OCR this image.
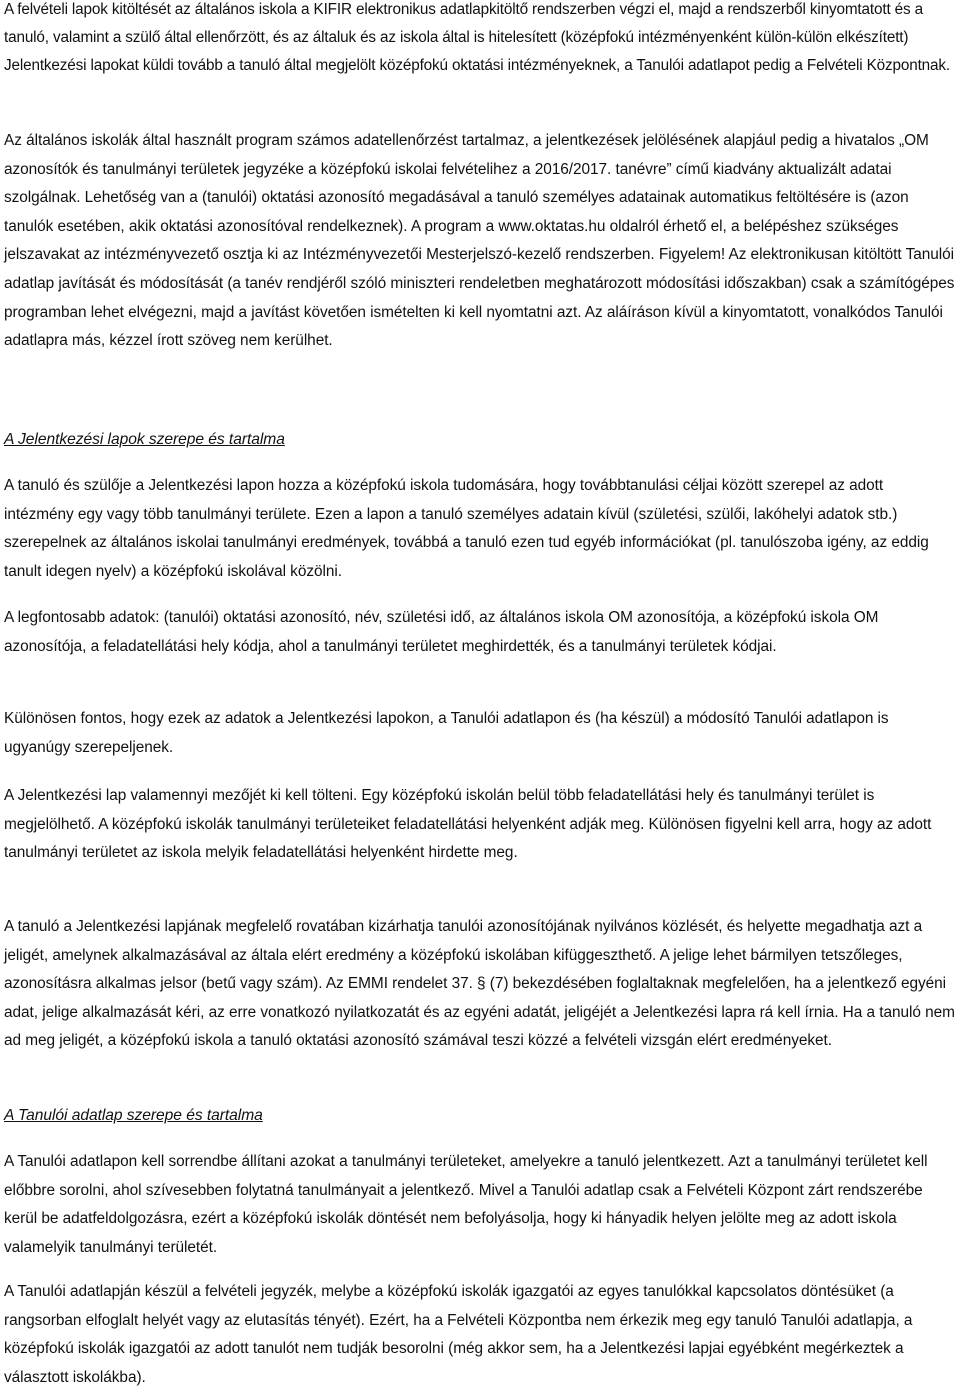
A felvételi lapok kitöltését az általános iskola a KIFIR elektronikus adatlapkitöltő rendszerben végzi el, majd a rendszerből kinyomtatott és a tanuló, valamint a szülő által ellenőrzött, és az általuk és az iskola által is hitelesített (középfokú intézményenként külön-külön elkészített) Jelentkezési lapokat küldi tovább a tanuló által megjelölt középfokú oktatási intézményeknek, a Tanulói adatlapot pedig a Felvételi Központnak.

Az általános iskolák által használt program számos adatellenőrzést tartalmaz, a jelentkezések jelölésének alapjául pedig a hivatalos „OM azonosítók és tanulmányi területek jegyzéke a középfokú iskolai felvételihez a 2016/2017. tanévre” című kiadvány aktualizált adatai szolgálnak. Lehetőség van a (tanulói) oktatási azonosító megadásával a tanuló személyes adatainak automatikus feltöltésére is (azon tanulók esetében, akik oktatási azonosítóval rendelkeznek). A program a www.oktatas.hu oldalról érhető el, a belépéshez szükséges jelszavakat az intézményvezető osztja ki az Intézményvezetői Mesterjelszó-kezelő rendszerben. Figyelem! Az elektronikusan kitöltött Tanulói adatlap javítását és módosítását (a tanév rendjéről szóló miniszteri rendeletben meghatározott módosítási időszakban) csak a számítógépes programban lehet elvégezni, majd a javítást követően ismételten ki kell nyomtatni azt. Az aláíráson kívül a kinyomtatott, vonalkódos Tanulói adatlapra más, kézzel írott szöveg nem kerülhet.

A Jelentkezési lapok szerepe és tartalma

A tanuló és szülője a Jelentkezési lapon hozza a középfokú iskola tudomására, hogy továbbtanulási céljai között szerepel az adott intézmény egy vagy több tanulmányi területe. Ezen a lapon a tanuló személyes adatain kívül (születési, szülői, lakóhelyi adatok stb.) szerepelnek az általános iskolai tanulmányi eredmények, továbbá a tanuló ezen tud egyéb információkat (pl. tanulószoba igény, az eddig tanult idegen nyelv) a középfokú iskolával közölni.

A legfontosabb adatok: (tanulói) oktatási azonosító, név, születési idő, az általános iskola OM azonosítója, a középfokú iskola OM azonosítója, a feladatellátási hely kódja, ahol a tanulmányi területet meghirdették, és a tanulmányi területek kódjai.

Különösen fontos, hogy ezek az adatok a Jelentkezési lapokon, a Tanulói adatlapon és (ha készül) a módosító Tanulói adatlapon is ugyanúgy szerepeljenek.

A Jelentkezési lap valamennyi mezőjét ki kell tölteni. Egy középfokú iskolán belül több feladatellátási hely és tanulmányi terület is megjelölhető. A középfokú iskolák tanulmányi területeiket feladatellátási helyenként adják meg. Különösen figyelni kell arra, hogy az adott tanulmányi területet az iskola melyik feladatellátási helyenként hirdette meg.

A tanuló a Jelentkezési lapjának megfelelő rovatában kizárhatja tanulói azonosítójának nyilvános közlését, és helyette megadhatja azt a jeligét, amelynek alkalmazásával az általa elért eredmény a középfokú iskolában kifüggeszthető. A jelige lehet bármilyen tetszőleges, azonosításra alkalmas jelsor (betű vagy szám). Az EMMI rendelet 37. § (7) bekezdésében foglaltaknak megfelelően, ha a jelentkező egyéni adat, jelige alkalmazását kéri, az erre vonatkozó nyilatkozatát és az egyéni adatát, jeligéjét a Jelentkezési lapra rá kell írnia. Ha a tanuló nem ad meg jeligét, a középfokú iskola a tanuló oktatási azonosító számával teszi közzé a felvételi vizsgán elért eredményeket.

A Tanulói adatlap szerepe és tartalma

A Tanulói adatlapon kell sorrendbe állítani azokat a tanulmányi területeket, amelyekre a tanuló jelentkezett. Azt a tanulmányi területet kell előbbre sorolni, ahol szívesebben folytatná tanulmányait a jelentkező. Mivel a Tanulói adatlap csak a Felvételi Központ zárt rendszerébe kerül be adatfeldolgozásra, ezért a középfokú iskolák döntését nem befolyásolja, hogy ki hányadik helyen jelölte meg az adott iskola valamelyik tanulmányi területét.

A Tanulói adatlapján készül a felvételi jegyzék, melybe a középfokú iskolák igazgatói az egyes tanulókkal kapcsolatos döntésüket (a rangsorban elfoglalt helyét vagy az elutasítás tényét). Ezért, ha a Felvételi Központba nem érkezik meg egy tanuló Tanulói adatlapja, a középfokú iskolák igazgatói az adott tanulót nem tudják besorolni (még akkor sem, ha a Jelentkezési lapjai egyébként megérkeztek a választott iskolákba).
